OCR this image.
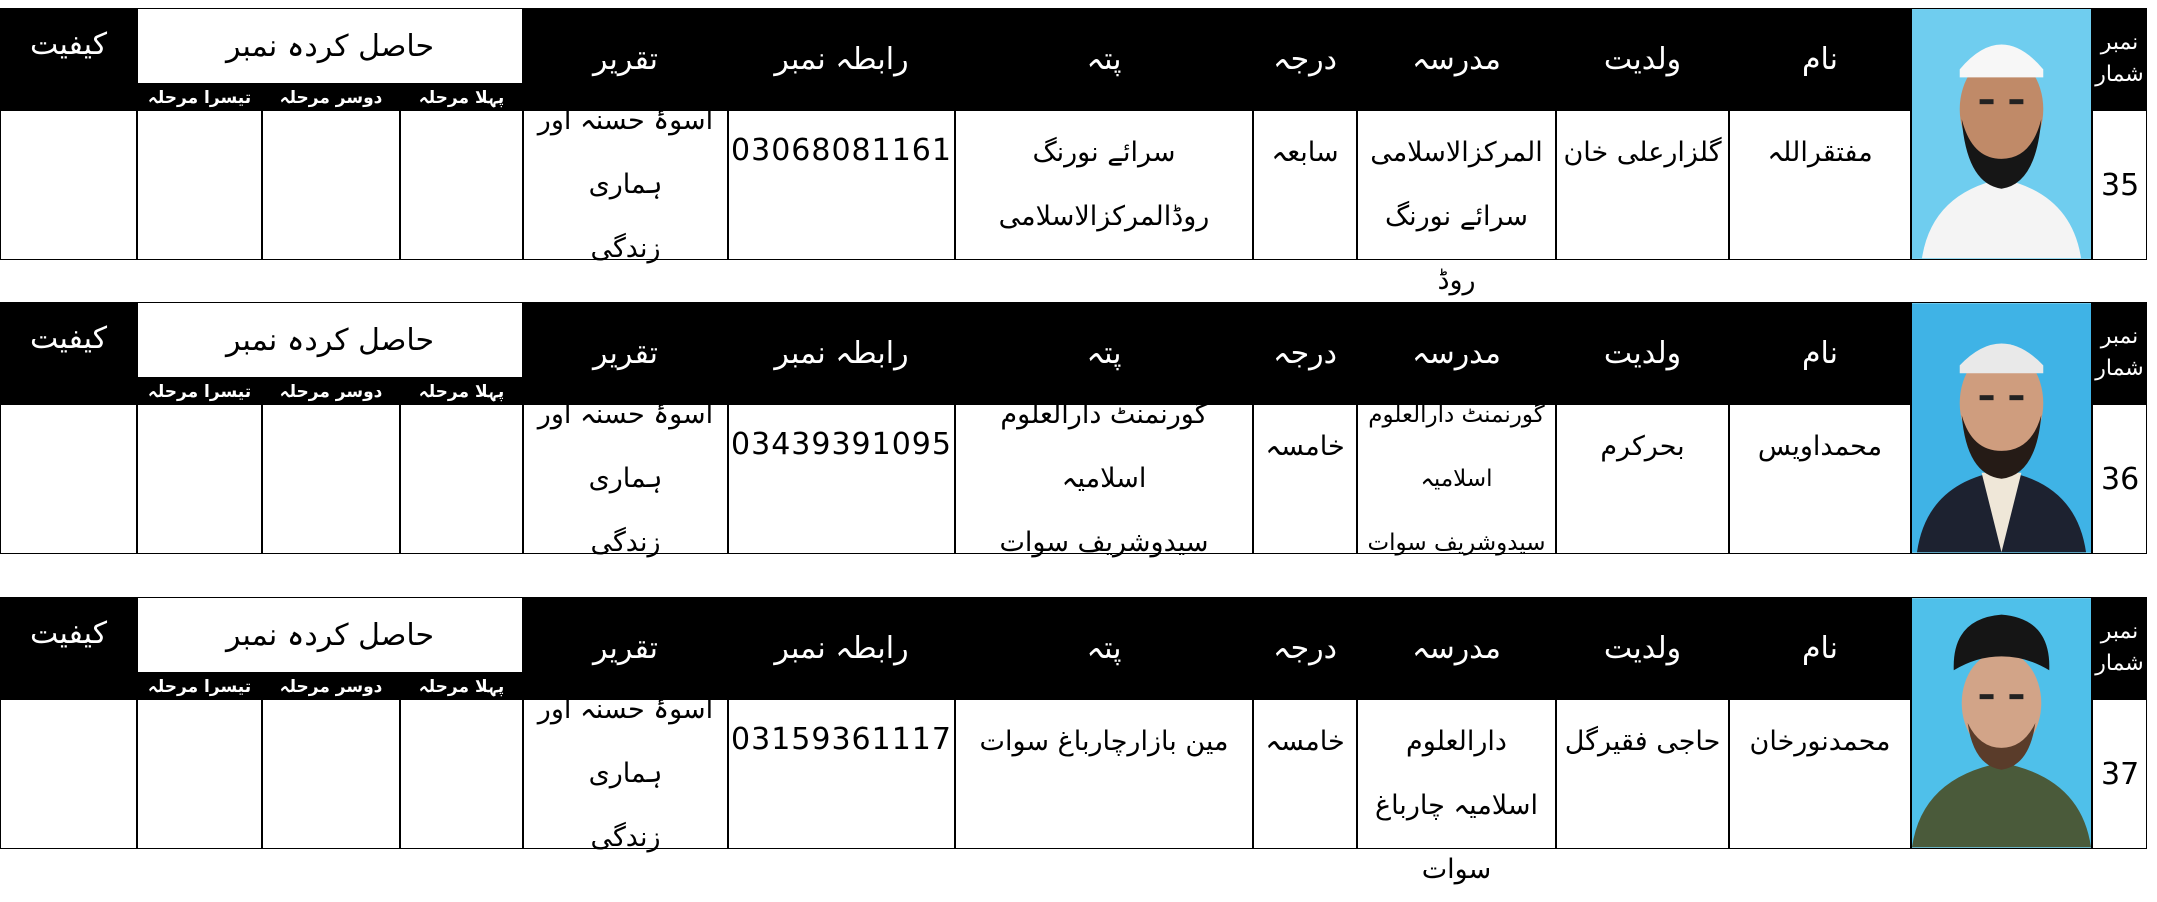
نمبر
شمار
نام
ولدیت
مدرسہ
درجہ
پتہ
رابطہ نمبر
تقریر
حاصل کردہ نمبر
پہلا مرحلہ
دوسر مرحلہ
تیسرا مرحلہ
کیفیت
35
مفتقراللہ
گلزارعلی خان
مدرسہ المرکزالاسلامی
سرائے نورنگ روڈ
سابعہ
سرائے نورنگ روڈالمرکزالاسلامی
03068081161
اسوۂ حسنہ اور ہماری
زندگی
نمبر
شمار
نام
ولدیت
مدرسہ
درجہ
پتہ
رابطہ نمبر
تقریر
حاصل کردہ نمبر
پہلا مرحلہ
دوسر مرحلہ
تیسرا مرحلہ
کیفیت
36
محمداویس
بحرکرم
گورنمنٹ دارالعلوم اسلامیہ
سیدوشریف سوات
خامسہ
گورنمنٹ دارالعلوم اسلامیہ
سیدوشریف سوات
03439391095
اسوۂ حسنہ اور ہماری
زندگی
نمبر
شمار
نام
ولدیت
مدرسہ
درجہ
پتہ
رابطہ نمبر
تقریر
حاصل کردہ نمبر
پہلا مرحلہ
دوسر مرحلہ
تیسرا مرحلہ
کیفیت
37
محمدنورخان
حاجی فقیرگل
گورنمنٹ دارالعلوم
اسلامیہ چارباغ سوات
خامسہ
مین بازارچارباغ سوات
03159361117
اسوۂ حسنہ اور ہماری
زندگی
